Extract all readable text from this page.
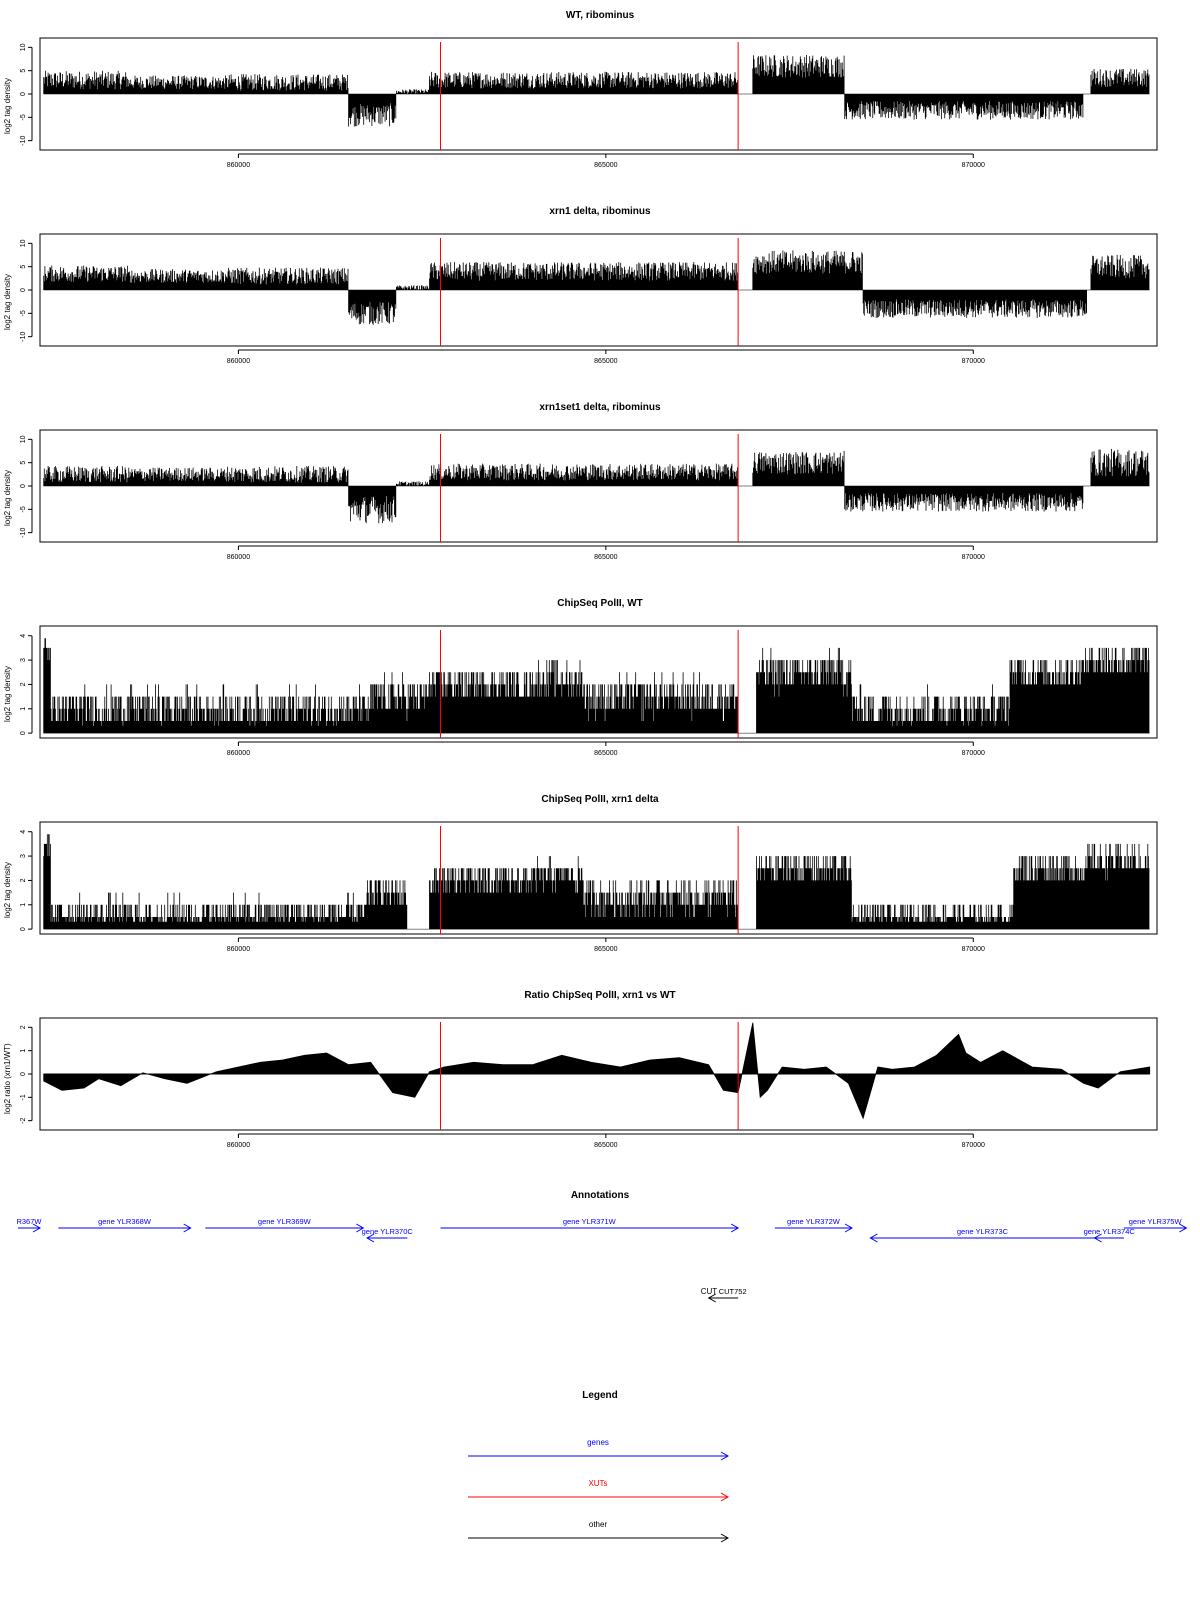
WT, ribominus
-10
-5
0
5
10
860000	865000	870000
log2 tag density
xrn1 delta, ribominus
-10
-5
0
5
10
860000	865000	870000
log2 tag density
xrn1set1 delta, ribominus
-10
-5
0
5
10
860000	865000	870000
log2 tag density
ChipSeq PolII, WT
0
1
2
3
4
860000	865000	870000
log2 tag density
ChipSeq PolII, xrn1 delta
0
1
2
3
4
860000	865000	870000
log2 tag density
Ratio ChipSeq PolII, xrn1 vs WT
-2
-1
0
1
2
860000	865000	870000
log2 ratio (xrn1/WT)
Annotations
R367W	gene YLR368W	gene YLR369W
gene YLR370C
gene YLR371W	gene YLR372W
gene YLR373C	gene YLR374C
gene YLR375W
CUT CUT752
Legend
genes
XUTs
other
